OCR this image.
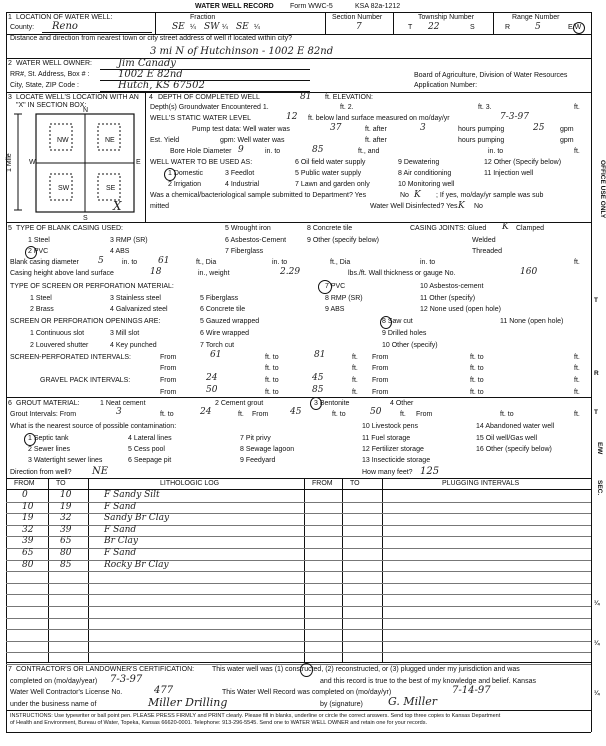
WATER WELL RECORD Form WWC-5	KSA 82a-1212
1 LOCATION OF WATER WELL:
County: Reno
Fraction
SE ¼ SW ¼ SE ¼
Section Number
7
Township Number
T 22	S
Range Number
R	5	E/W
Distance and direction from nearest town or city street address of well if located within city?
3 mi N of Hutchinson - 1002 E 82nd
2 WATER WELL OWNER:	Jim Canady
RR#, St. Address, Box # :	1002 E 82nd
City, State, ZIP Code :	Hutch, KS 67502
Board of Agriculture, Division of Water Resources
Application Number:
3 LOCATE WELL'S LOCATION WITH AN "X" IN SECTION BOX:
N
S
W	E
NW	NE
SW	SE
1 Mile
X
4 DEPTH OF COMPLETED WELL	81 ft. ELEVATION:
Depth(s) Groundwater Encountered 1.	ft. 2.	ft. 3.	ft.
WELL'S STATIC WATER LEVEL	12 ft. below land surface measured on mo/day/yr	7-3-97
Pump test data: Well water was	37	ft. after	3	hours pumping	25 gpm
Est. Yield	gpm: Well water was	ft. after	hours pumping	gpm
Bore Hole Diameter 9	in. to	85	ft., and	in. to	ft.
WELL WATER TO BE USED AS:
1 Domestic	3 Feedlot	5 Public water supply	8 Air conditioning	11 Injection well
2 Irrigation	4 Industrial	7 Lawn and garden only	10 Monitoring well
6 Oil field water supply	9 Dewatering	12 Other (Specify below)
Was a chemical/bacteriological sample submitted to Department? Yes	No K ; If yes, mo/day/yr sample was sub
mitted	Water Well Disinfected? Yes K No
5 TYPE OF BLANK CASING USED:
1 Steel	3 RMP (SR)
5 Wrought iron	8 Concrete tile
2 PVC	4 ABS
6 Asbestos-Cement	9 Other (specify below)
7 Fiberglass
CASING JOINTS: Glued K Clamped
Welded
Threaded
Blank casing diameter 5	in. to 61	ft., Dia	in. to	ft., Dia	in. to	ft.
Casing height above land surface	18	in., weight	2.29	lbs./ft. Wall thickness or gauge No.	160
TYPE OF SCREEN OR PERFORATION MATERIAL:
1 Steel	3 Stainless steel	5 Fiberglass
7 PVC	10 Asbestos-cement
2 Brass	4 Galvanized steel	6 Concrete tile
8 RMP (SR)	11 Other (specify)
9 ABS	12 None used (open hole)
SCREEN OR PERFORATION OPENINGS ARE:
1 Continuous slot	3 Mill slot
5 Gauzed wrapped	8 Saw cut	11 None (open hole)
2 Louvered shutter	4 Key punched
6 Wire wrapped	9 Drilled holes
7 Torch cut	10 Other (specify)
SCREEN-PERFORATED INTERVALS:	From	61	ft. to	81	ft. From	ft. to	ft.
From	ft. to	ft. From	ft. to	ft.
GRAVEL PACK INTERVALS:	From	24	ft. to	45	ft. From	ft. to	ft.
From	50	ft. to	85	ft. From	ft. to	ft.
6 GROUT MATERIAL:	1 Neat cement	2 Cement grout	3 Bentonite	4 Other
Grout Intervals: From	3	ft. to	24	ft. From 45	ft. to	50	ft. From	ft. to	ft.
What is the nearest source of possible contamination:
1 Septic tank	4 Lateral lines	7 Pit privy
10 Livestock pens	14 Abandoned water well
2 Sewer lines	5 Cess pool	8 Sewage lagoon
11 Fuel storage	15 Oil well/Gas well
3 Watertight sewer lines	6 Seepage pit	9 Feedyard
12 Fertilizer storage	16 Other (specify below)
13 Insecticide storage
Direction from well? NE	How many feet? 125
FROM	TO	LITHOLOGIC LOG	FROM TO	PLUGGING INTERVALS
0	10	F Sandy Silt
10	19	F Sand
19	32	Sandy Br Clay
32	39	F Sand
39	65	Br Clay
65	80	F Sand
80	85	Rocky Br Clay
7 CONTRACTOR'S OR LANDOWNER'S CERTIFICATION:	This water well was (1) constructed, (2) reconstructed, or (3) plugged under my jurisdiction and was
completed on (mo/day/year) 7-3-97	and this record is true to the best of my knowledge and belief. Kansas
Water Well Contractor's License No.	477	This Water Well Record was completed on (mo/day/yr)	7-14-97
under the business name of	Miller Drilling	by (signature) G. Miller
INSTRUCTIONS: Use typewriter or ball point pen. PLEASE PRESS FIRMLY and PRINT clearly. Please fill in blanks, underline or circle the correct answers. Send top three copies to Kansas Department
of Health and Environment, Bureau of Water, Topeka, Kansas 66620-0001. Telephone: 913-296-5545. Send one to WATER WELL OWNER and retain one for your records.
OFFICE USE ONLY
T
R
T
E/W
SEC.
¼
¼
¼
